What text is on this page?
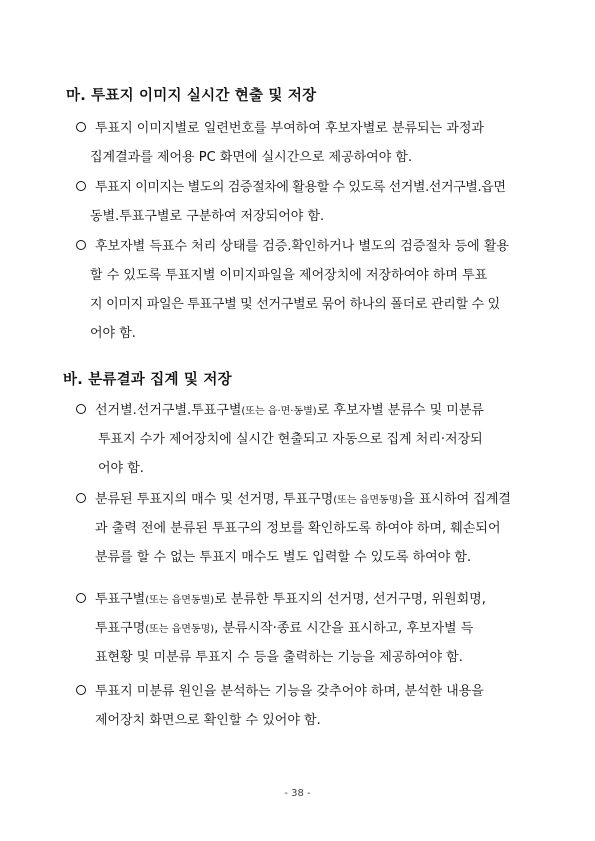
마. 투표지 이미지 실시간 현출 및 저장
투표지 이미지별로 일련번호를 부여하여 후보자별로 분류되는 과정과
집계결과를 제어용 PC 화면에 실시간으로 제공하여야 함.
투표지 이미지는 별도의 검증절차에 활용할 수 있도록 선거별.선거구별.읍면
동별.투표구별로 구분하여 저장되어야 함.
후보자별 득표수 처리 상태를 검증.확인하거나 별도의 검증절차 등에 활용
할 수 있도록 투표지별 이미지파일을 제어장치에 저장하여야 하며 투표
지 이미지 파일은 투표구별 및 선거구별로 묶어 하나의 폴더로 관리할 수 있
어야 함.
바. 분류결과 집계 및 저장
선거별.선거구별.투표구별(또는 읍·면·동별)로 후보자별 분류수 및 미분류
투표지 수가 제어장치에 실시간 현출되고 자동으로 집계 처리·저장되
어야 함.
분류된 투표지의 매수 및 선거명, 투표구명(또는 읍면동명)을 표시하여 집계결
과 출력 전에 분류된 투표구의 정보를 확인하도록 하여야 하며, 훼손되어
분류를 할 수 없는 투표지 매수도 별도 입력할 수 있도록 하여야 함.
투표구별(또는 읍면동별)로 분류한 투표지의 선거명, 선거구명, 위원회명,
투표구명(또는 읍면동명), 분류시작·종료 시간을 표시하고, 후보자별 득
표현황 및 미분류 투표지 수 등을 출력하는 기능을 제공하여야 함.
투표지 미분류 원인을 분석하는 기능을 갖추어야 하며, 분석한 내용을
제어장치 화면으로 확인할 수 있어야 함.
- 38 -
